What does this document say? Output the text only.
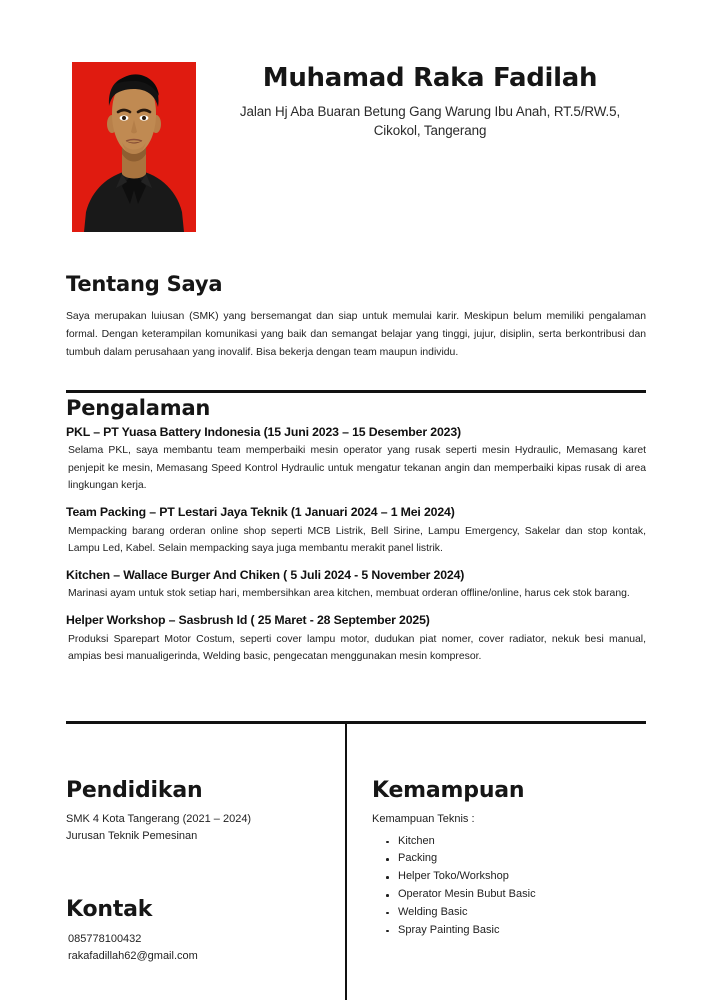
Muhamad Raka Fadilah
Jalan Hj Aba Buaran Betung Gang Warung Ibu Anah, RT.5/RW.5,
Cikokol, Tangerang
Tentang Saya
Saya merupakan luiusan (SMK) yang bersemangat dan siap untuk memulai karir. Meskipun belum memiliki pengalaman formal. Dengan keterampilan komunikasi yang baik dan semangat belajar yang tinggi, jujur, disiplin, serta berkontribusi dan tumbuh dalam perusahaan yang inovalif. Bisa bekerja dengan team maupun individu.
Pengalaman
PKL – PT Yuasa Battery Indonesia (15 Juni 2023 – 15 Desember 2023)
Selama PKL, saya membantu team memperbaiki mesin operator yang rusak seperti mesin Hydraulic, Memasang karet penjepit ke mesin, Memasang Speed Kontrol Hydraulic untuk mengatur tekanan angin dan memperbaiki kipas rusak di area lingkungan kerja.
Team Packing – PT Lestari Jaya Teknik (1 Januari 2024 – 1 Mei 2024)
Mempacking barang orderan online shop seperti MCB Listrik, Bell Sirine, Lampu Emergency, Sakelar dan stop kontak, Lampu Led, Kabel. Selain mempacking saya juga membantu merakit panel listrik.
Kitchen – Wallace Burger And Chiken ( 5 Juli 2024 - 5 November 2024)
Marinasi ayam untuk stok setiap hari, membersihkan area kitchen, membuat orderan offline/online, harus cek stok barang.
Helper Workshop – Sasbrush Id ( 25 Maret - 28 September 2025)
Produksi Sparepart Motor Costum, seperti cover lampu motor, dudukan piat nomer, cover radiator, nekuk besi manual, ampias besi manualigerinda, Welding basic, pengecatan menggunakan mesin kompresor.
Pendidikan
SMK 4 Kota Tangerang (2021 – 2024)
Jurusan Teknik Pemesinan
Kontak
085778100432
rakafadillah62@gmail.com
Kemampuan
Kemampuan Teknis :
Kitchen
Packing
Helper Toko/Workshop
Operator Mesin Bubut Basic
Welding Basic
Spray Painting Basic
